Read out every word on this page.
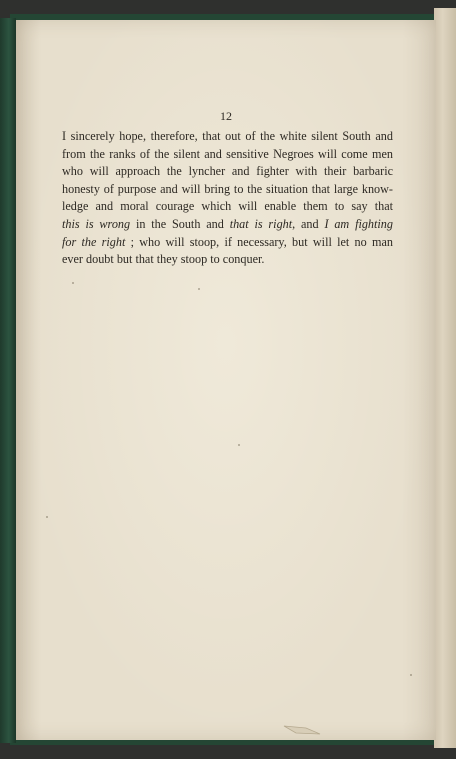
12

I sincerely hope, therefore, that out of the white silent South and
from the ranks of the silent and sensitive Negroes will come men
who will approach the lyncher and fighter with their barbaric
honesty of purpose and will bring to the situation that large know-
ledge and moral courage which will enable them to say that
this is wrong in the South and that is right, and I am fighting
for the right ; who will stoop, if necessary, but will let no man
ever doubt but that they stoop to conquer.
